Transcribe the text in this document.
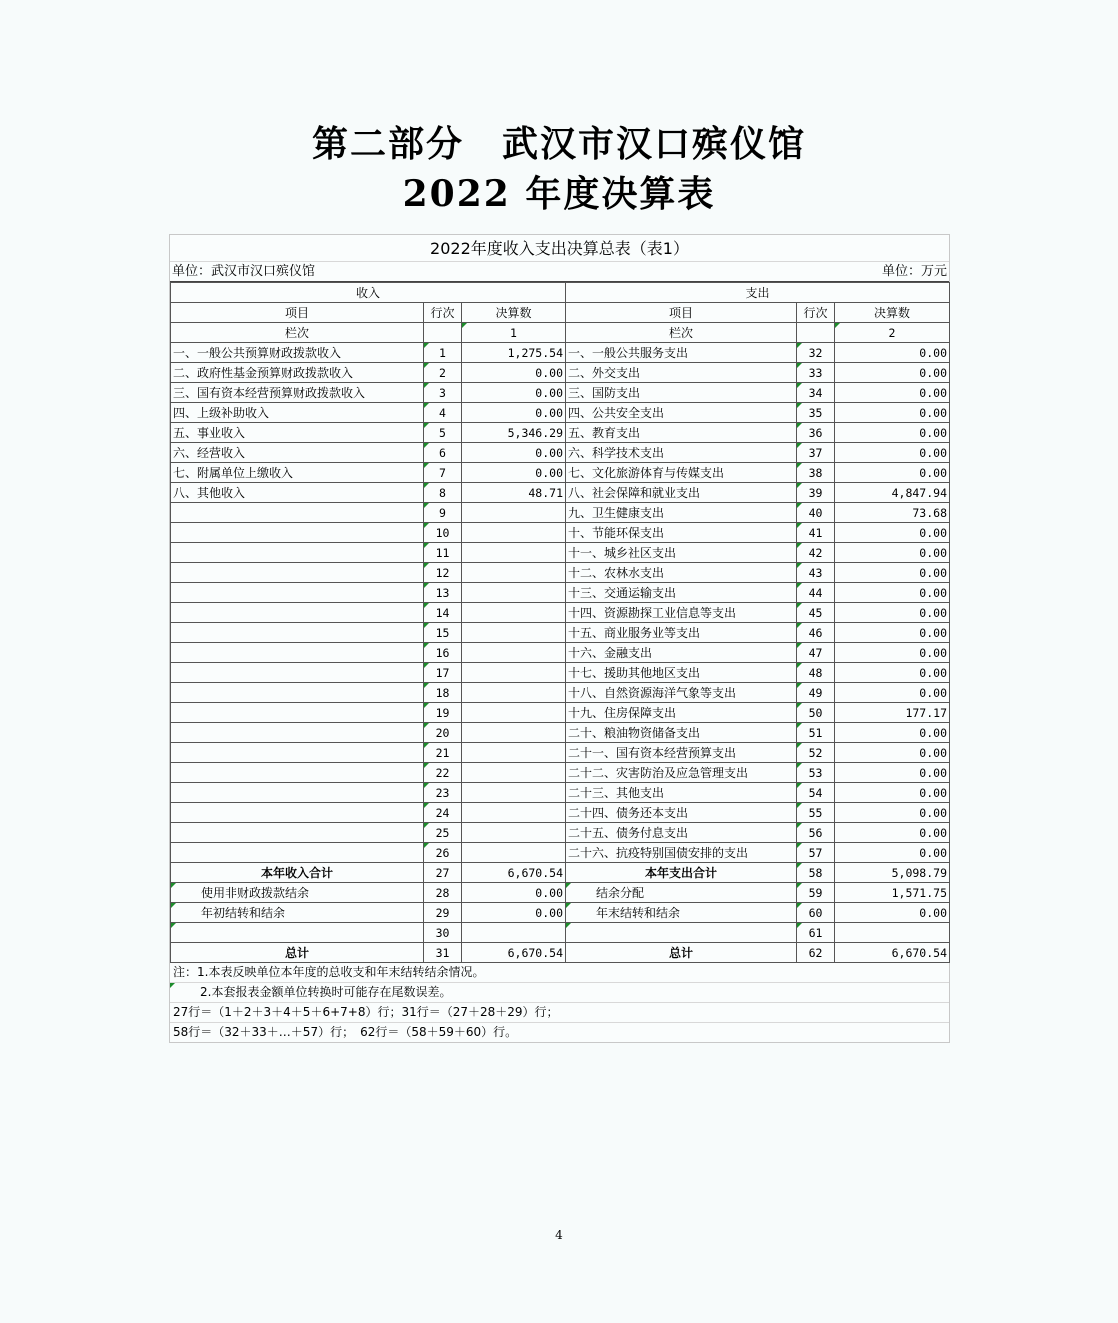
第二部分　武汉市汉口殡仪馆
2022 年度决算表
2022年度收入支出决算总表（表1）
单位：武汉市汉口殡仪馆	单位：万元
收入			支出		
项目	行次	决算数	项目	行次	决算数
栏次		1	栏次		2
一、一般公共预算财政拨款收入	1	1,275.54	一、一般公共服务支出	32	0.00
二、政府性基金预算财政拨款收入	2	0.00	二、外交支出	33	0.00
三、国有资本经营预算财政拨款收入	3	0.00	三、国防支出	34	0.00
四、上级补助收入	4	0.00	四、公共安全支出	35	0.00
五、事业收入	5	5,346.29	五、教育支出	36	0.00
六、经营收入	6	0.00	六、科学技术支出	37	0.00
七、附属单位上缴收入	7	0.00	七、文化旅游体育与传媒支出	38	0.00
八、其他收入	8	48.71	八、社会保障和就业支出	39	4,847.94
	9		九、卫生健康支出	40	73.68
	10		十、节能环保支出	41	0.00
	11		十一、城乡社区支出	42	0.00
	12		十二、农林水支出	43	0.00
	13		十三、交通运输支出	44	0.00
	14		十四、资源勘探工业信息等支出	45	0.00
	15		十五、商业服务业等支出	46	0.00
	16		十六、金融支出	47	0.00
	17		十七、援助其他地区支出	48	0.00
	18		十八、自然资源海洋气象等支出	49	0.00
	19		十九、住房保障支出	50	177.17
	20		二十、粮油物资储备支出	51	0.00
	21		二十一、国有资本经营预算支出	52	0.00
	22		二十二、灾害防治及应急管理支出	53	0.00
	23		二十三、其他支出	54	0.00
	24		二十四、债务还本支出	55	0.00
	25		二十五、债务付息支出	56	0.00
	26		二十六、抗疫特别国债安排的支出	57	0.00
本年收入合计	27	6,670.54	本年支出合计	58	5,098.79
使用非财政拨款结余	28	0.00	结余分配	59	1,571.75
年初结转和结余	29	0.00	年末结转和结余	60	0.00
	30			61	
总计	31	6,670.54	总计	62	6,670.54
注：1.本表反映单位本年度的总收支和年末结转结余情况。
2.本套报表金额单位转换时可能存在尾数误差。
27行＝（1＋2＋3＋4＋5＋6+7+8）行；31行＝（27＋28＋29）行；
58行＝（32＋33＋…＋57）行；　62行＝（58＋59＋60）行。
4
